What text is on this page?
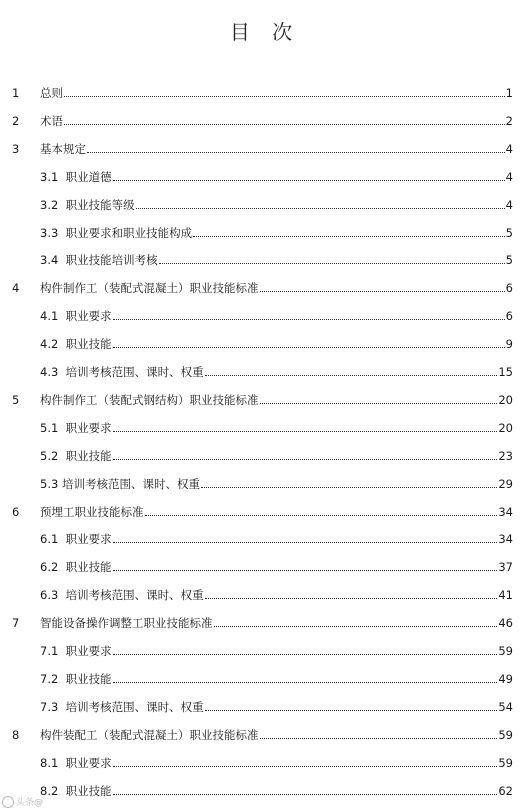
目 次
1 总则	1
2 术语	2
3 基本规定	4
3.1 职业道德	4
3.2 职业技能等级	4
3.3 职业要求和职业技能构成	5
3.4 职业技能培训考核	5
4 构件制作工（装配式混凝土）职业技能标准	6
4.1 职业要求	6
4.2 职业技能	9
4.3 培训考核范围、课时、权重	15
5 构件制作工（装配式钢结构）职业技能标准	20
5.1 职业要求	20
5.2 职业技能	23
5.3 培训考核范围、课时、权重	29
6 预埋工职业技能标准	34
6.1 职业要求	34
6.2 职业技能	37
6.3 培训考核范围、课时、权重	41
7 智能设备操作调整工职业技能标准	46
7.1 职业要求	59
7.2 职业技能	49
7.3 培训考核范围、课时、权重	54
8 构件装配工（装配式混凝土）职业技能标准	59
8.1 职业要求	59
8.2 职业技能	62
头条@
